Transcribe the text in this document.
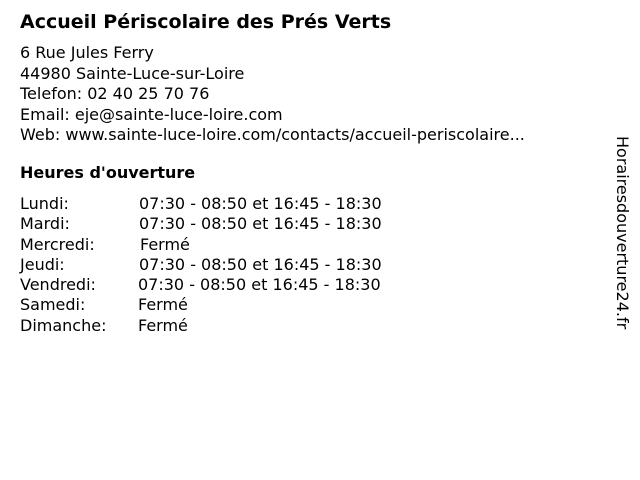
Accueil Périscolaire des Prés Verts
6 Rue Jules Ferry
44980 Sainte-Luce-sur-Loire
Telefon: 02 40 25 70 76
Email: eje@sainte-luce-loire.com
Web: www.sainte-luce-loire.com/contacts/accueil-periscolaire...
Heures d'ouverture
Lundi:	07:30 - 08:50 et 16:45 - 18:30
Mardi:	07:30 - 08:50 et 16:45 - 18:30
Mercredi:	Fermé
Jeudi:	07:30 - 08:50 et 16:45 - 18:30
Vendredi:	07:30 - 08:50 et 16:45 - 18:30
Samedi:	Fermé
Dimanche: Fermé	Horairesdouverture24.fr
